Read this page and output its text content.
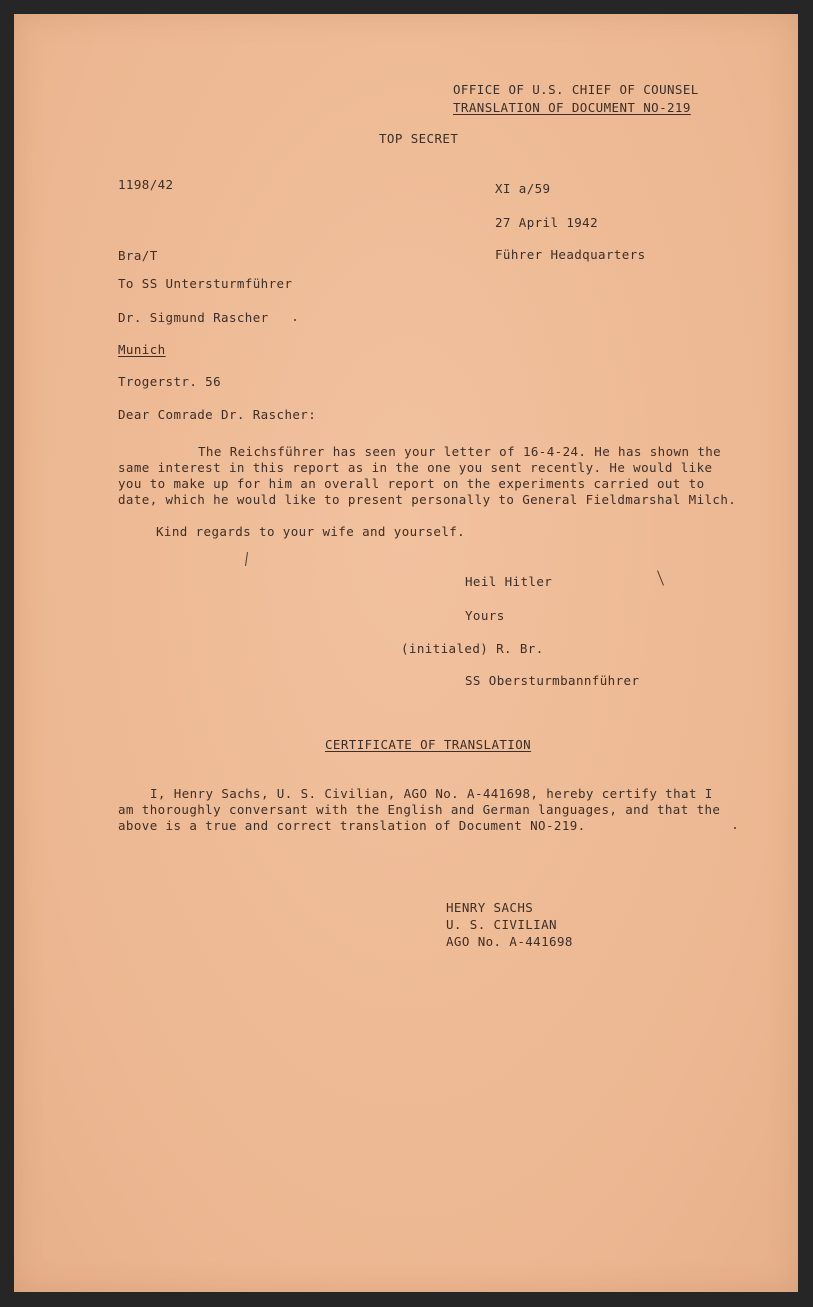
OFFICE OF U.S. CHIEF OF COUNSEL

TRANSLATION OF DOCUMENT NO-219

TOP SECRET

1198/42	XI a/59

27 April 1942

Bra/T	Führer Headquarters

To SS Untersturmführer

Dr. Sigmund Rascher

Munich

Trogerstr. 56

Dear Comrade Dr. Rascher:

The Reichsführer has seen your letter of 16-4-24. He has shown the
same interest in this report as in the one you sent recently. He would like
you to make up for him an overall report on the experiments carried out to
date, which he would like to present personally to General Fieldmarshal Milch.

Kind regards to your wife and yourself.

Heil Hitler

Yours

(initialed) R. Br.

SS Obersturmbannführer

CERTIFICATE OF TRANSLATION

I, Henry Sachs, U. S. Civilian, AGO No. A-441698, hereby certify that I
am thoroughly conversant with the English and German languages, and that the
above is a true and correct translation of Document NO-219.

HENRY SACHS

U. S. CIVILIAN

AGO No. A-441698
